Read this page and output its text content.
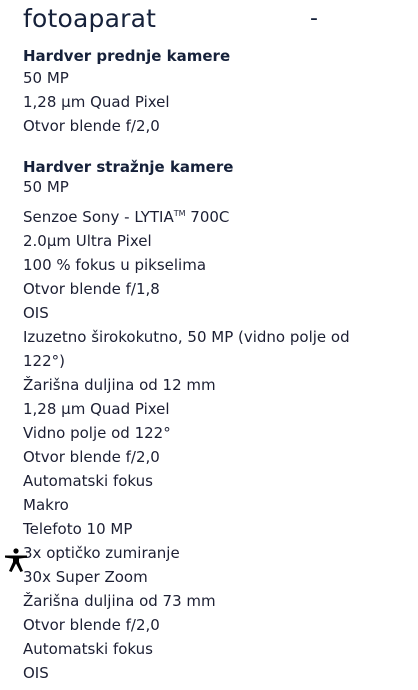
fotoaparat	-

Hardver prednje kamere

50 MP

1,28 µm Quad Pixel

Otvor blende f/2,0

Hardver stražnje kamere

50 MP

Senzoe Sony - LYTIA™ 700C

2.0µm Ultra Pixel

100 % fokus u pikselima

Otvor blende f/1,8

OIS

Izuzetno širokokutno, 50 MP (vidno polje od 122°)

Žarišna duljina od 12 mm

1,28 µm Quad Pixel

Vidno polje od 122°

Otvor blende f/2,0

Automatski fokus

Makro

Telefoto 10 MP

3x optičko zumiranje

30x Super Zoom

Žarišna duljina od 73 mm

Otvor blende f/2,0

Automatski fokus

OIS
